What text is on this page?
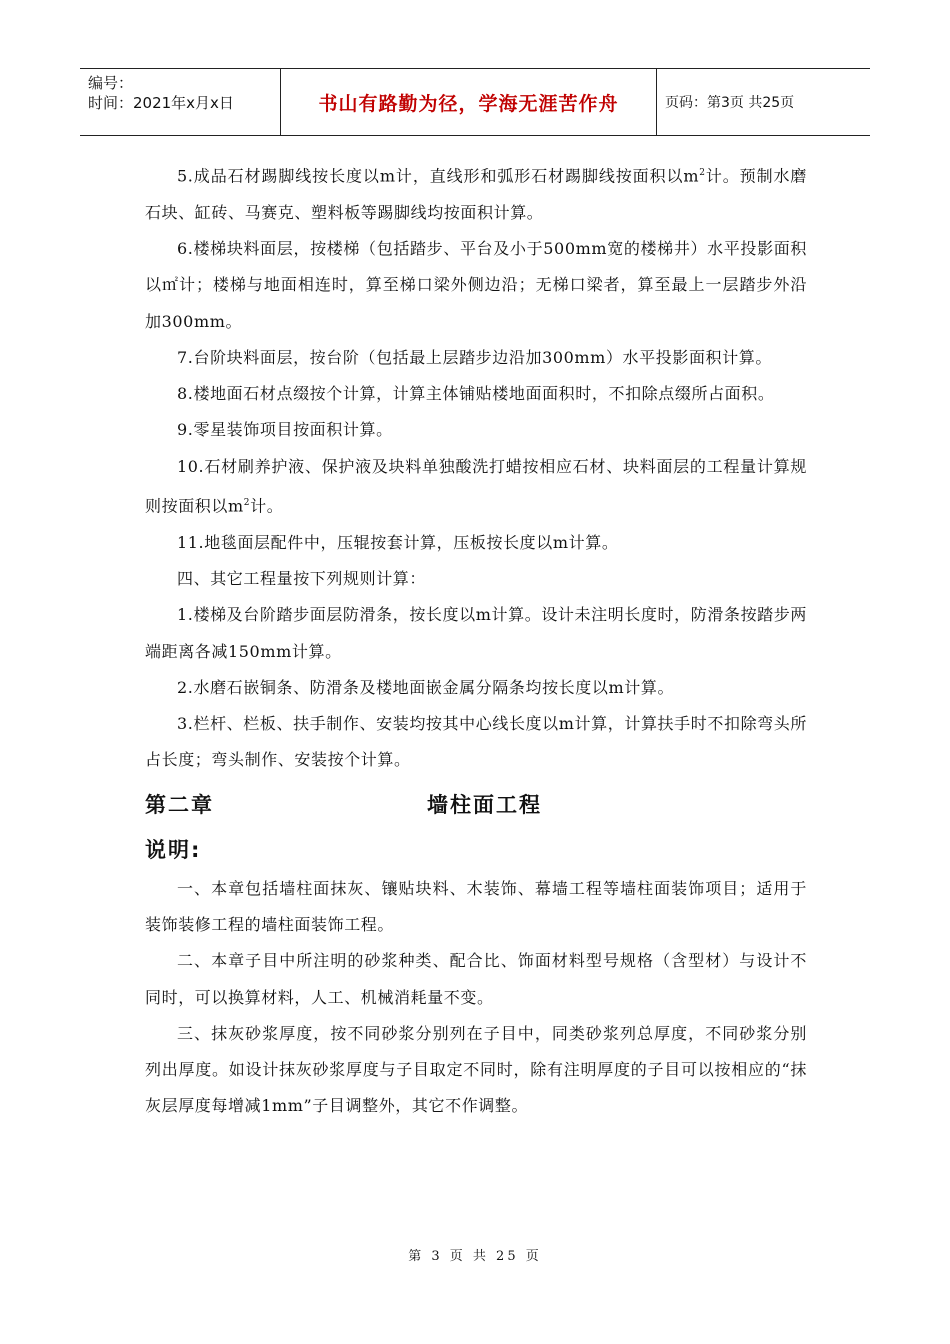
编号：
时间：2021年x月x日	书山有路勤为径，学海无涯苦作舟	页码：第3页 共25页

5.成品石材踢脚线按长度以m计，直线形和弧形石材踢脚线按面积以$m^2$计。预制水磨石块、缸砖、马赛克、塑料板等踢脚线均按面积计算。

6.楼梯块料面层，按楼梯（包括踏步、平台及小于500mm宽的楼梯井）水平投影面积以㎡计；楼梯与地面相连时，算至梯口梁外侧边沿；无梯口梁者，算至最上一层踏步外沿加300mm。

7.台阶块料面层，按台阶（包括最上层踏步边沿加300mm）水平投影面积计算。

8.楼地面石材点缀按个计算，计算主体铺贴楼地面面积时，不扣除点缀所占面积。

9.零星装饰项目按面积计算。

10.石材刷养护液、保护液及块料单独酸洗打蜡按相应石材、块料面层的工程量计算规则按面积以$m^2$计。

11.地毯面层配件中，压辊按套计算，压板按长度以m计算。

四、其它工程量按下列规则计算：

1.楼梯及台阶踏步面层防滑条，按长度以m计算。设计未注明长度时，防滑条按踏步两端距离各减150mm计算。

2.水磨石嵌铜条、防滑条及楼地面嵌金属分隔条均按长度以m计算。

3.栏杆、栏板、扶手制作、安装均按其中心线长度以m计算，计算扶手时不扣除弯头所占长度；弯头制作、安装按个计算。

第二章	墙柱面工程
说明:

一、本章包括墙柱面抹灰、镶贴块料、木装饰、幕墙工程等墙柱面装饰项目；适用于装饰装修工程的墙柱面装饰工程。

二、本章子目中所注明的砂浆种类、配合比、饰面材料型号规格（含型材）与设计不同时，可以换算材料，人工、机械消耗量不变。

三、抹灰砂浆厚度，按不同砂浆分别列在子目中，同类砂浆列总厚度，不同砂浆分别列出厚度。如设计抹灰砂浆厚度与子目取定不同时，除有注明厚度的子目可以按相应的“抹灰层厚度每增减1mm”子目调整外，其它不作调整。

第 3 页 共 25 页
